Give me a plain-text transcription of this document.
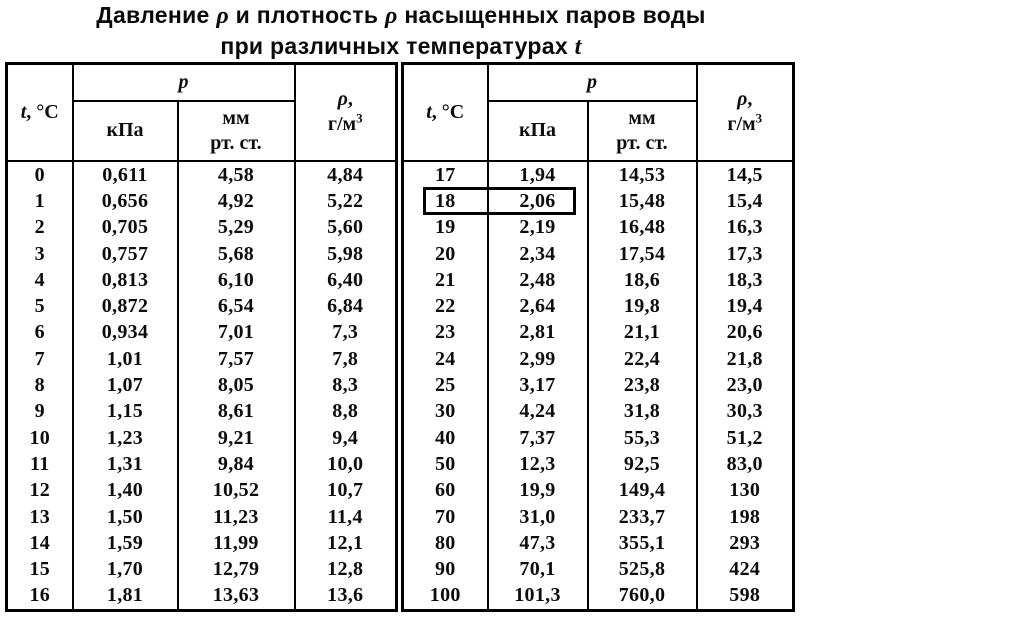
Давление ρ и плотность ρ насыщенных паров воды
при различных температурах t
t, °C	p		ρ,
$г/м^3$
	кПа	мм
рт. ст.	
0	0,611	4,58	4,84
1	0,656	4,92	5,22
2	0,705	5,29	5,60
3	0,757	5,68	5,98
4	0,813	6,10	6,40
5	0,872	6,54	6,84
6	0,934	7,01	7,3
7	1,01	7,57	7,8
8	1,07	8,05	8,3
9	1,15	8,61	8,8
10	1,23	9,21	9,4
11	1,31	9,84	10,0
12	1,40	10,52	10,7
13	1,50	11,23	11,4
14	1,59	11,99	12,1
15	1,70	12,79	12,8
16	1,81	13,63	13,6
t, °C	p		ρ,
$г/м^3$
	кПа	мм
рт. ст.	
17	1,94	14,53	14,5
18	2,06	15,48	15,4
19	2,19	16,48	16,3
20	2,34	17,54	17,3
21	2,48	18,6	18,3
22	2,64	19,8	19,4
23	2,81	21,1	20,6
24	2,99	22,4	21,8
25	3,17	23,8	23,0
30	4,24	31,8	30,3
40	7,37	55,3	51,2
50	12,3	92,5	83,0
60	19,9	149,4	130
70	31,0	233,7	198
80	47,3	355,1	293
90	70,1	525,8	424
100	101,3	760,0	598
